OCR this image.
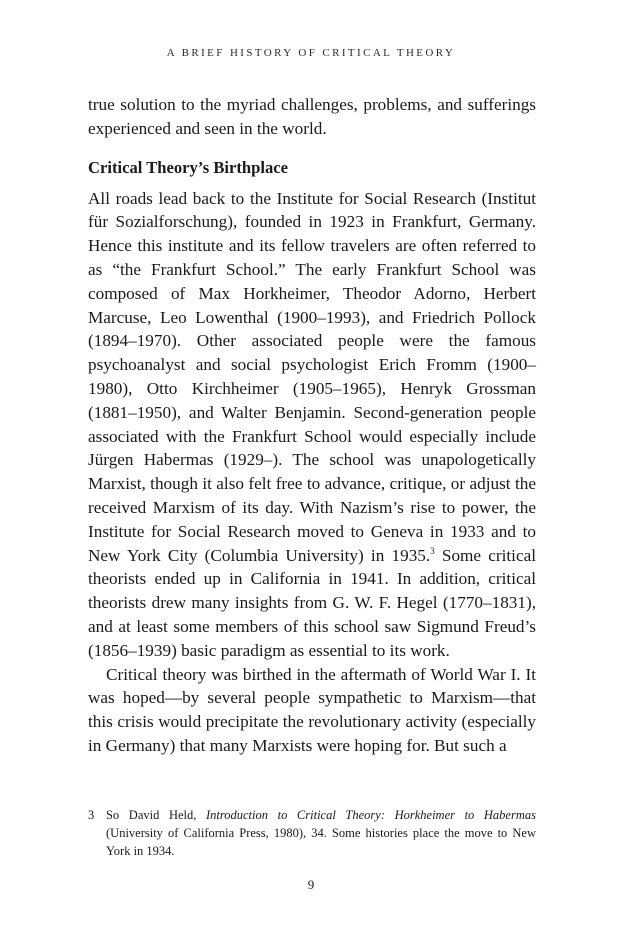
A BRIEF HISTORY OF CRITICAL THEORY

true solution to the myriad challenges, problems, and sufferings experienced and seen in the world.

Critical Theory’s Birthplace

All roads lead back to the Institute for Social Research (Institut für Sozialforschung), founded in 1923 in Frankfurt, Germany. Hence this institute and its fellow travelers are often referred to as “the Frankfurt School.” The early Frankfurt School was composed of Max Horkheimer, Theodor Adorno, Herbert Marcuse, Leo Lowenthal (1900–1993), and Friedrich Pollock (1894–1970). Other associated people were the famous psychoanalyst and social psychologist Erich Fromm (1900–1980), Otto Kirchheimer (1905–1965), Henryk Grossman (1881–1950), and Walter Benjamin. Second-generation people associated with the Frankfurt School would especially include Jürgen Habermas (1929–). The school was unapologetically Marxist, though it also felt free to advance, critique, or adjust the received Marxism of its day. With Nazism’s rise to power, the Institute for Social Research moved to Geneva in 1933 and to New York City (Columbia University) in 1935.$^3$ Some critical theorists ended up in California in 1941. In addition, critical theorists drew many insights from G. W. F. Hegel (1770–1831), and at least some members of this school saw Sigmund Freud’s (1856–1939) basic paradigm as essential to its work.

Critical theory was birthed in the aftermath of World War I. It was hoped—by several people sympathetic to Marxism—that this crisis would precipitate the revolutionary activity (especially in Germany) that many Marxists were hoping for. But such a

3 So David Held, Introduction to Critical Theory: Horkheimer to Habermas (University of California Press, 1980), 34. Some histories place the move to New York in 1934.
9
